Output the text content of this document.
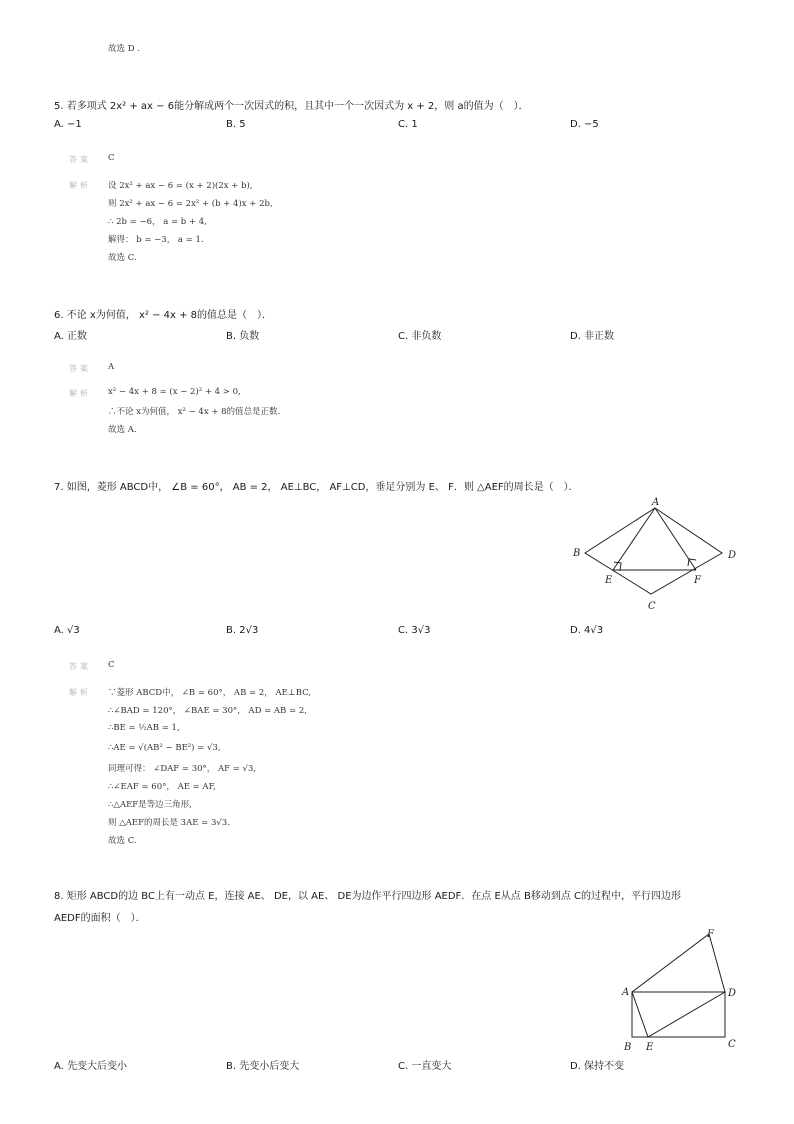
故选 D .
5. 若多项式 2x² + ax − 6能分解成两个一次因式的积，且其中一个一次因式为 x + 2，则 a的值为（　）．
A. −1	B. 5	C. 1	D. −5
答案 C
解析 设 2x² + ax − 6 = (x + 2)(2x + b),
则 2x² + ax − 6 = 2x² + (b + 4)x + 2b,
∴ 2b = −6， a = b + 4,
解得： b = −3， a = 1.
故选 C.
6. 不论 x为何值， x² − 4x + 8的值总是（　）．
A. 正数	B. 负数	C. 非负数	D. 非正数
答案 A
解析 x² − 4x + 8 = (x − 2)² + 4 > 0,
∴不论 x为何值， x² − 4x + 8的值总是正数.
故选 A.
7. 如图，菱形 ABCD中， ∠B = 60°， AB = 2， AE⊥BC， AF⊥CD，垂足分别为 E、 F．则 △AEF的周长是（　）．
A
B
C
D
E	F
A. √3	B. 2√3	C. 3√3	D. 4√3
答案 C
解析 ∵菱形 ABCD中， ∠B = 60°， AB = 2， AE⊥BC,
∴∠BAD = 120°， ∠BAE = 30°， AD = AB = 2,
∴BE = ½AB = 1,
∴AE = √(AB² − BE²) = √3,
同理可得： ∠DAF = 30°， AF = √3,
∴∠EAF = 60°， AE = AF,
∴△AEF是等边三角形,
则 △AEF的周长是 3AE = 3√3.
故选 C.
8. 矩形 ABCD的边 BC上有一动点 E，连接 AE、 DE，以 AE、 DE为边作平行四边形 AEDF．在点 E从点 B移动到点 C的过程中，平行四边形
AEDF的面积（　）．
A
B	C
D
E
F
A. 先变大后变小	B. 先变小后变大	C. 一直变大	D. 保持不变
